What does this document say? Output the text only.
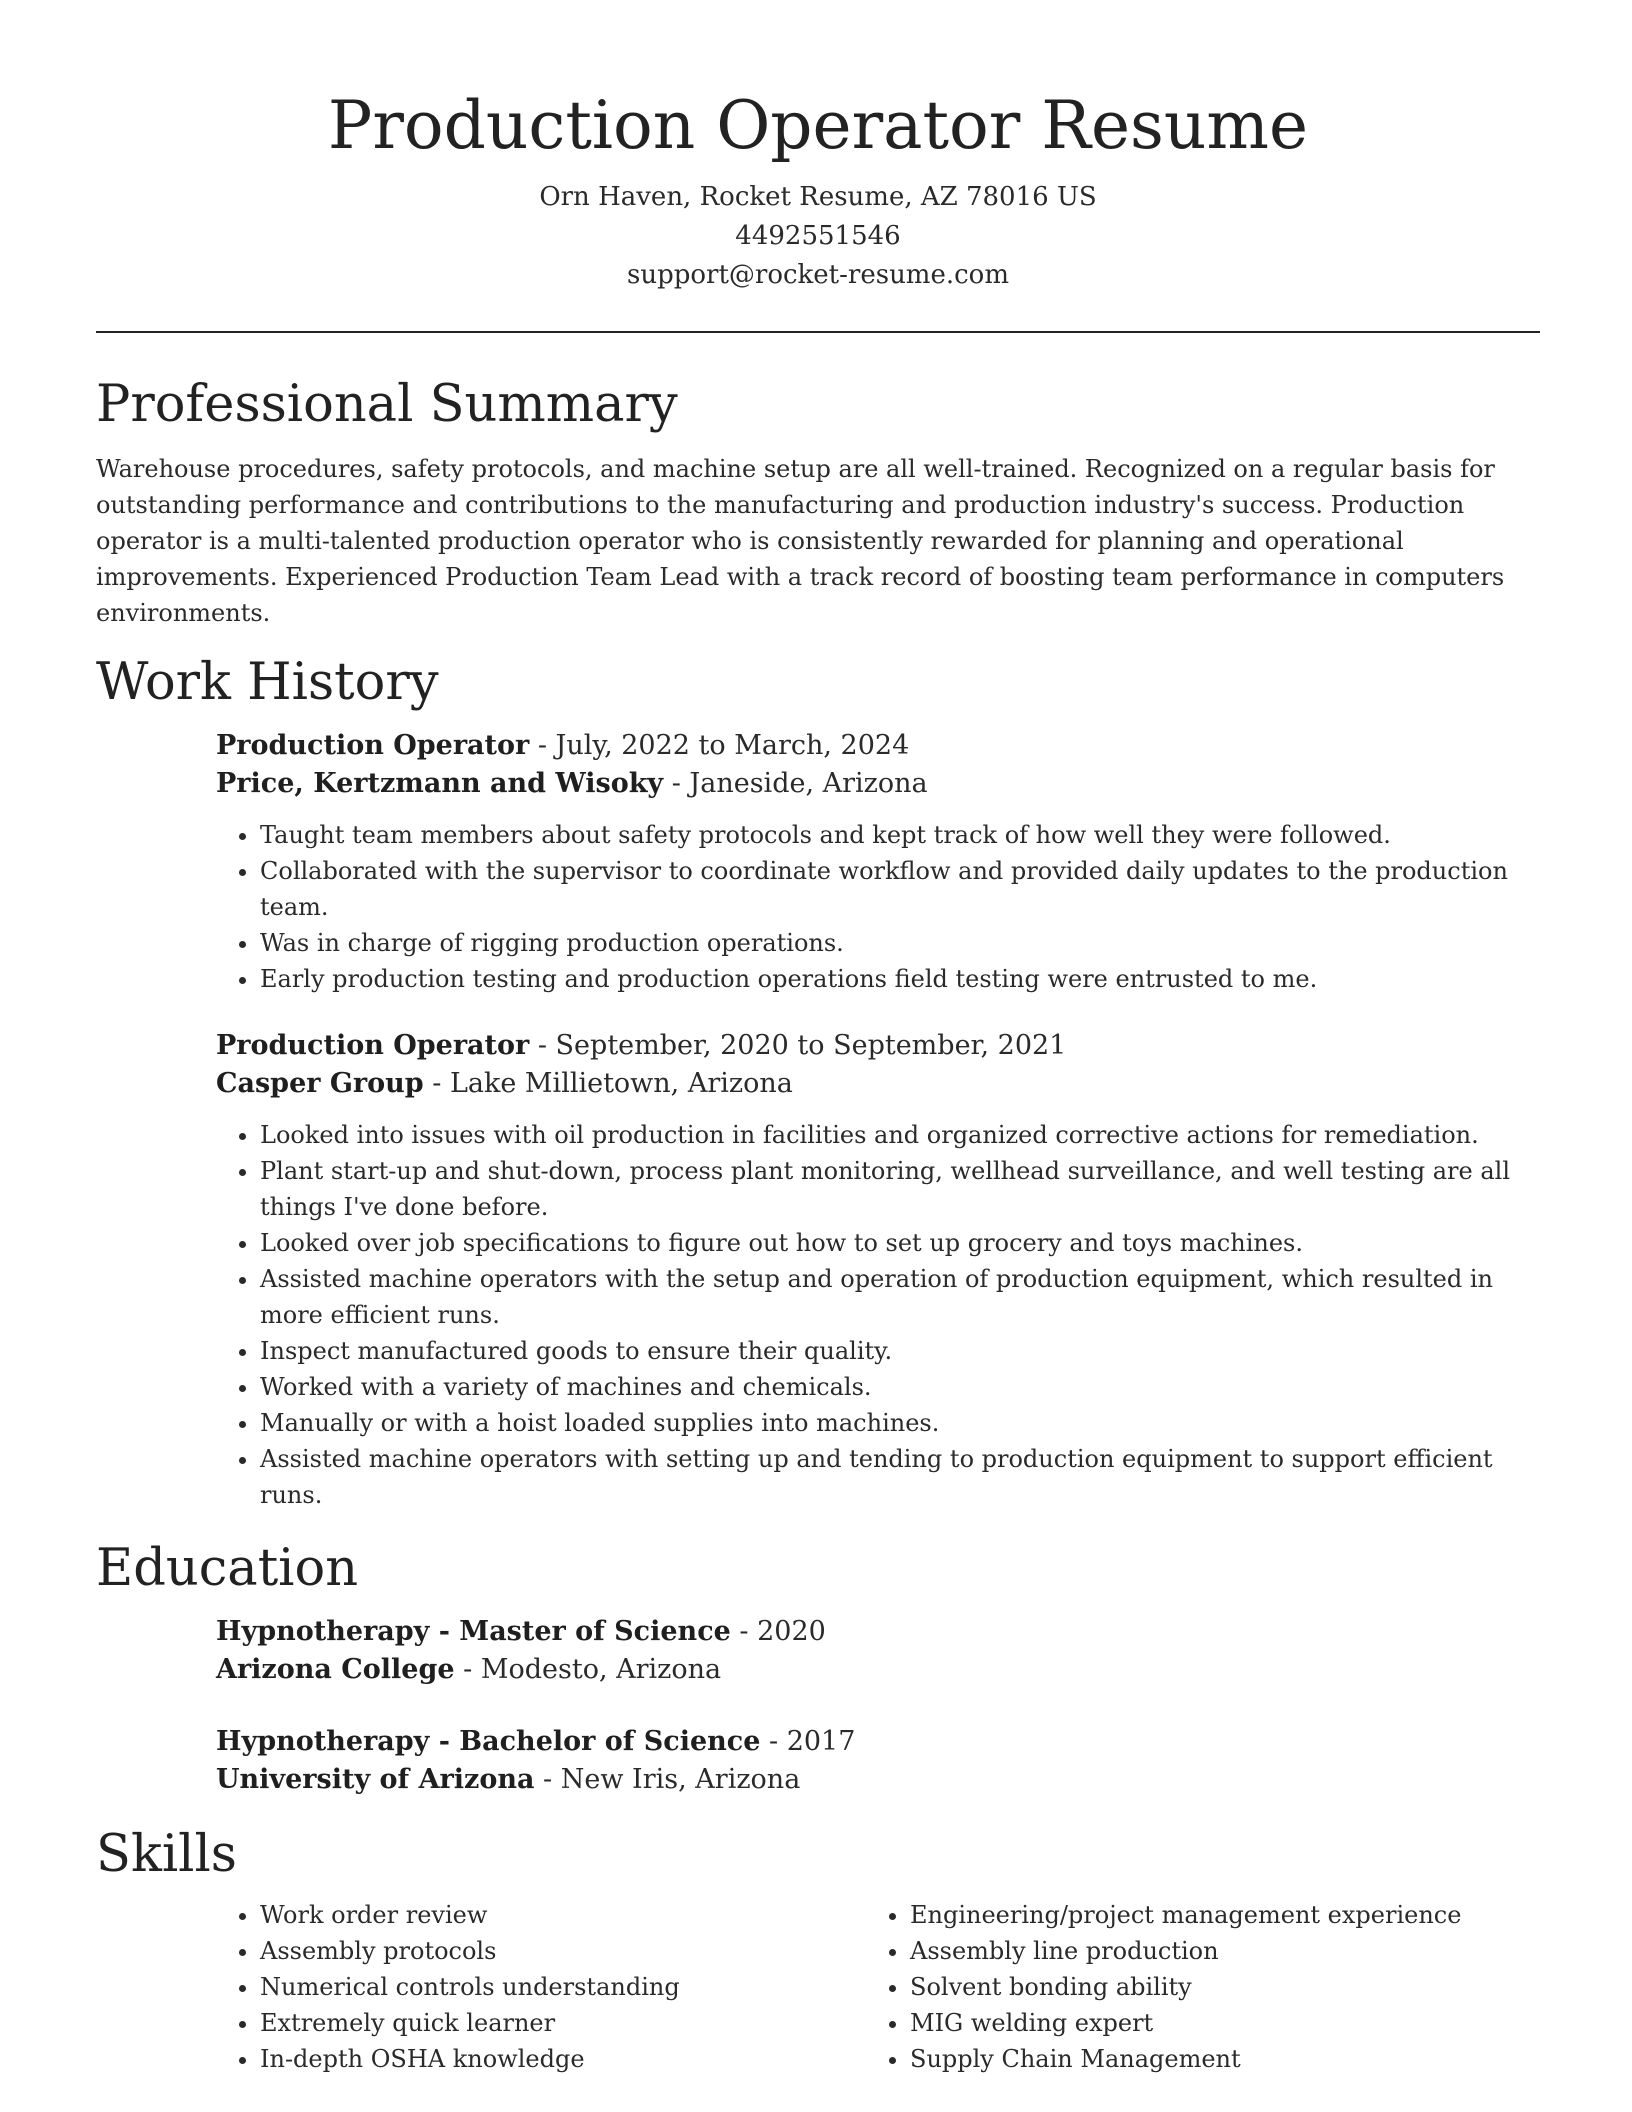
Production Operator Resume
Orn Haven, Rocket Resume, AZ 78016 US
4492551546
support@rocket-resume.com
Professional Summary

Warehouse procedures, safety protocols, and machine setup are all well-trained. Recognized on a regular basis for outstanding performance and contributions to the manufacturing and production industry's success. Production operator is a multi-talented production operator who is consistently rewarded for planning and operational improvements. Experienced Production Team Lead with a track record of boosting team performance in computers environments.

Work History
Production Operator - July, 2022 to March, 2024
Price, Kertzmann and Wisoky - Janeside, Arizona
• Taught team members about safety protocols and kept track of how well they were followed.
• Collaborated with the supervisor to coordinate workflow and provided daily updates to the production team.
• Was in charge of rigging production operations.
• Early production testing and production operations field testing were entrusted to me.
Production Operator - September, 2020 to September, 2021
Casper Group - Lake Millietown, Arizona
• Looked into issues with oil production in facilities and organized corrective actions for remediation.
• Plant start-up and shut-down, process plant monitoring, wellhead surveillance, and well testing are all things I've done before.
• Looked over job specifications to figure out how to set up grocery and toys machines.
• Assisted machine operators with the setup and operation of production equipment, which resulted in more efficient runs.
• Inspect manufactured goods to ensure their quality.
• Worked with a variety of machines and chemicals.
• Manually or with a hoist loaded supplies into machines.
• Assisted machine operators with setting up and tending to production equipment to support efficient runs.
Education
Hypnotherapy - Master of Science - 2020
Arizona College - Modesto, Arizona
Hypnotherapy - Bachelor of Science - 2017
University of Arizona - New Iris, Arizona
Skills
• Work order review
• Assembly protocols
• Numerical controls understanding
• Extremely quick learner
• In-depth OSHA knowledge
• Engineering/project management experience
• Assembly line production
• Solvent bonding ability
• MIG welding expert
• Supply Chain Management
